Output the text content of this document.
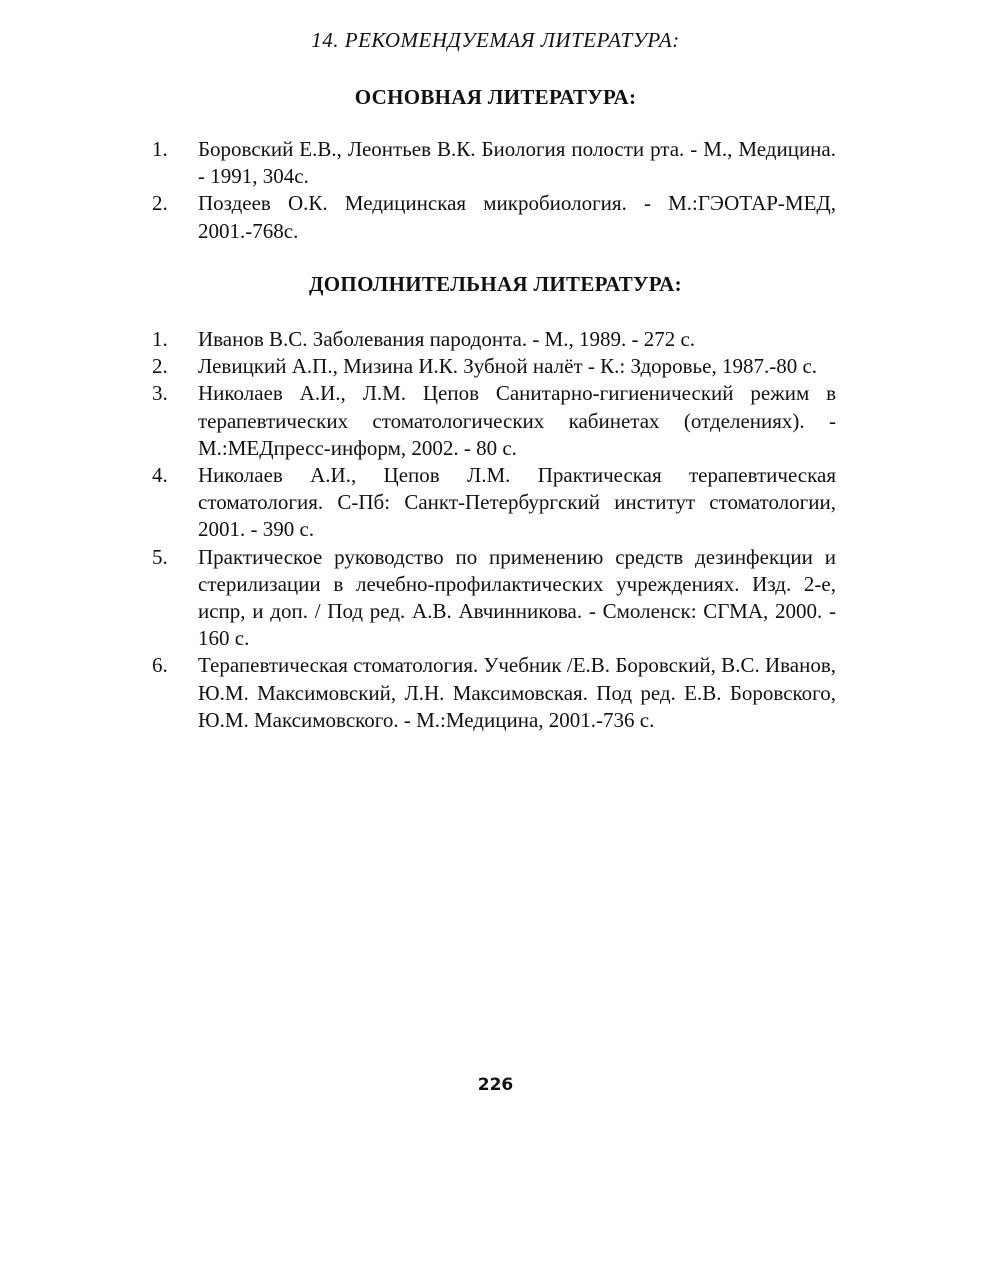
14. РЕКОМЕНДУЕМАЯ ЛИТЕРАТУРА:
ОСНОВНАЯ ЛИТЕРАТУРА:
1.	Боровский Е.В., Леонтьев В.К. Биология полости рта. - М., Медицина. - 1991, 304с.
2.	Поздеев О.К. Медицинская микробиология. - М.:ГЭОТАР-МЕД, 2001.-768с.
ДОПОЛНИТЕЛЬНАЯ ЛИТЕРАТУРА:
1.	Иванов В.С. Заболевания пародонта. - М., 1989. - 272 с.
2.	Левицкий А.П., Мизина И.К. Зубной налёт - К.: Здоровье, 1987.-80 с.
3.	Николаев А.И., Л.М. Цепов Санитарно-гигиенический режим в терапевтических стоматологических кабинетах (отделениях). - М.:МЕДпресс-информ, 2002. - 80 с.
4.	Николаев А.И., Цепов Л.М. Практическая терапевтическая стоматология. С-Пб: Санкт-Петербургский институт стоматологии, 2001. - 390 с.
5.	Практическое руководство по применению средств дезинфекции и стерилизации в лечебно-профилактических учреждениях. Изд. 2-е, испр, и доп. / Под ред. А.В. Авчинникова. - Смоленск: СГМА, 2000. - 160 с.
6.	Терапевтическая стоматология. Учебник /Е.В. Боровский, В.С. Иванов, Ю.М. Максимовский, Л.Н. Максимовская. Под ред. Е.В. Боровского, Ю.М. Максимовского. - М.:Медицина, 2001.-736 с.
226
